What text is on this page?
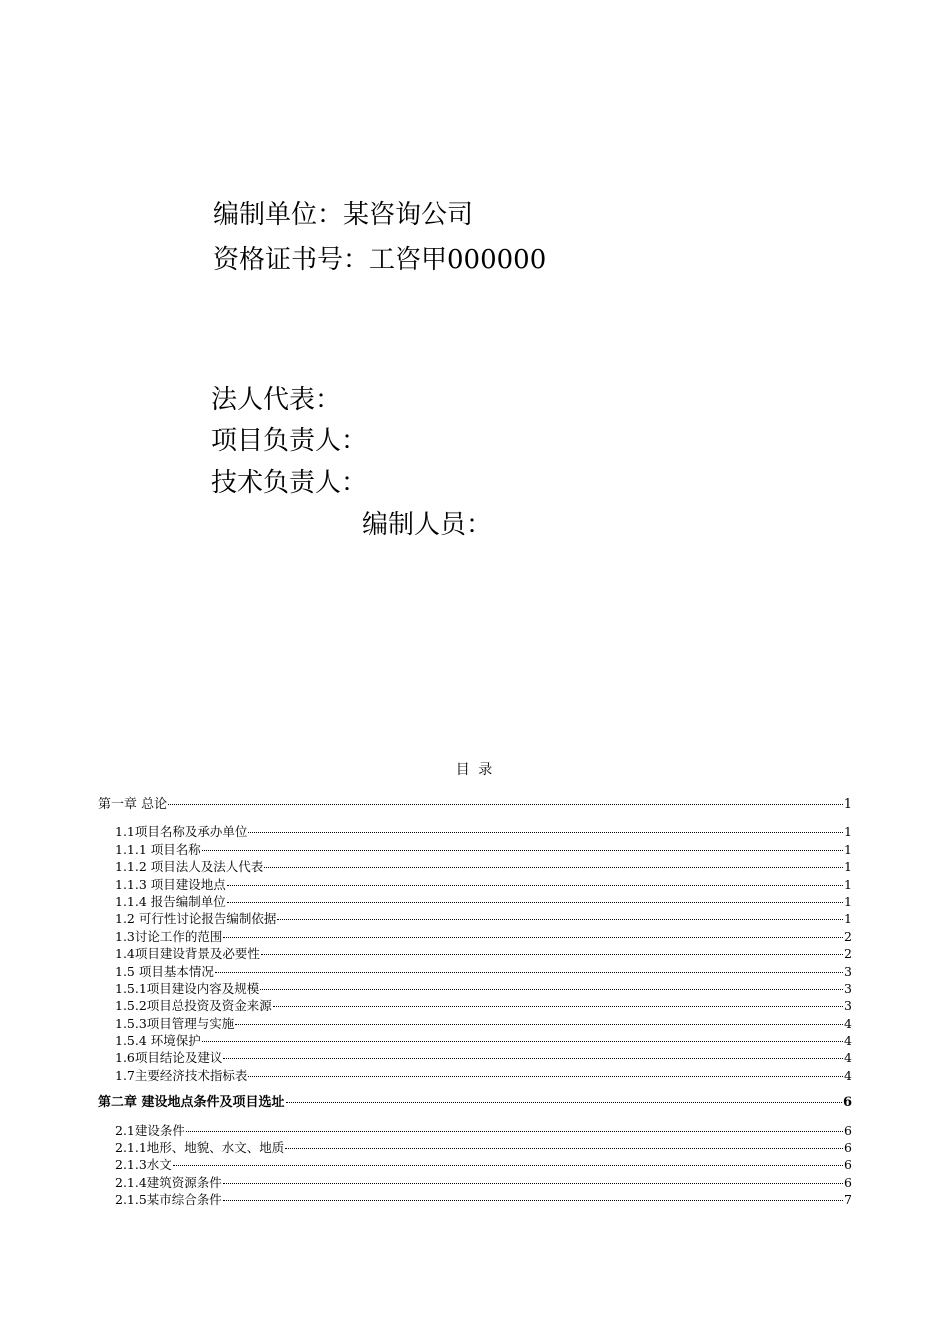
编制单位：某咨询公司
资格证书号：工咨甲000000
法人代表：
项目负责人：
技术负责人：
编制人员：
目 录
第一章 总论	1
1.1项目名称及承办单位	1
1.1.1 项目名称	1
1.1.2 项目法人及法人代表	1
1.1.3 项目建设地点	1
1.1.4 报告编制单位	1
1.2 可行性讨论报告编制依据	1
1.3讨论工作的范围	2
1.4项目建设背景及必要性	2
1.5 项目基本情况	3
1.5.1项目建设内容及规模	3
1.5.2项目总投资及资金来源	3
1.5.3项目管理与实施	4
1.5.4 环境保护	4
1.6项目结论及建议	4
1.7主要经济技术指标表	4
第二章 建设地点条件及项目选址	6
2.1建设条件	6
2.1.1地形、地貌、水文、地质	6
2.1.3水文	6
2.1.4建筑资源条件	6
2.1.5某市综合条件	7
